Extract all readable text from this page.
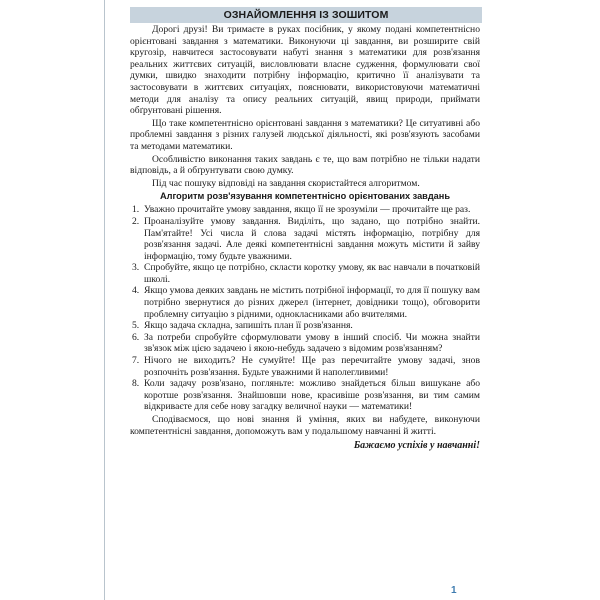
ОЗНАЙОМЛЕННЯ ІЗ ЗОШИТОМ

Дорогі друзі! Ви тримаєте в руках посібник, у якому подані компетентнісно орієнтовані завдання з математики. Виконуючи ці завдання, ви розширите свій кругозір, навчитеся застосовувати набуті знання з математики для розв'язання реальних життєвих ситуацій, висловлювати власне судження, формулювати свої думки, швидко знаходити потрібну інформацію, критично її аналізувати та застосовувати в життєвих ситуаціях, пояснювати, використовуючи математичні методи для аналізу та опису реальних ситуацій, явищ природи, приймати обґрунтовані рішення.

Що таке компетентнісно орієнтовані завдання з математики? Це ситуативні або проблемні завдання з різних галузей людської діяльності, які розв'язують засобами та методами математики.

Особливістю виконання таких завдань є те, що вам потрібно не тільки надати відповідь, а й обґрунтувати свою думку.

Під час пошуку відповіді на завдання скористайтеся алгоритмом.

Алгоритм розв'язування компетентнісно орієнтованих завдань
1. Уважно прочитайте умову завдання, якщо її не зрозуміли — прочитайте ще раз.
2. Проаналізуйте умову завдання. Виділіть, що задано, що потрібно знайти. Пам'ятайте! Усі числа й слова задачі містять інформацію, потрібну для розв'язання задачі. Але деякі компетентнісні завдання можуть містити й зайву інформацію, тому будьте уважними.
3. Спробуйте, якщо це потрібно, скласти коротку умову, як вас навчали в початковій школі.
4. Якщо умова деяких завдань не містить потрібної інформації, то для її пошуку вам потрібно звернутися до різних джерел (інтернет, довідники тощо), обговорити проблемну ситуацію з рідними, однокласниками або вчителями.
5. Якщо задача складна, запишіть план її розв'язання.
6. За потреби спробуйте сформулювати умову в інший спосіб. Чи можна знайти зв'язок між цією задачею і якою-небудь задачею з відомим розв'язанням?
7. Нічого не виходить? Не сумуйте! Ще раз перечитайте умову задачі, знов розпочніть розв'язання. Будьте уважними й наполегливими!
8. Коли задачу розв'язано, погляньте: можливо знайдеться більш вишукане або коротше розв'язання. Знайшовши нове, красивіше розв'язання, ви тим самим відкриваєте для себе нову загадку величної науки — математики!

Сподіваємося, що нові знання й уміння, яких ви набудете, виконуючи компетентнісні завдання, допоможуть вам у подальшому навчанні й житті.

Бажаємо успіхів у навчанні!

1
